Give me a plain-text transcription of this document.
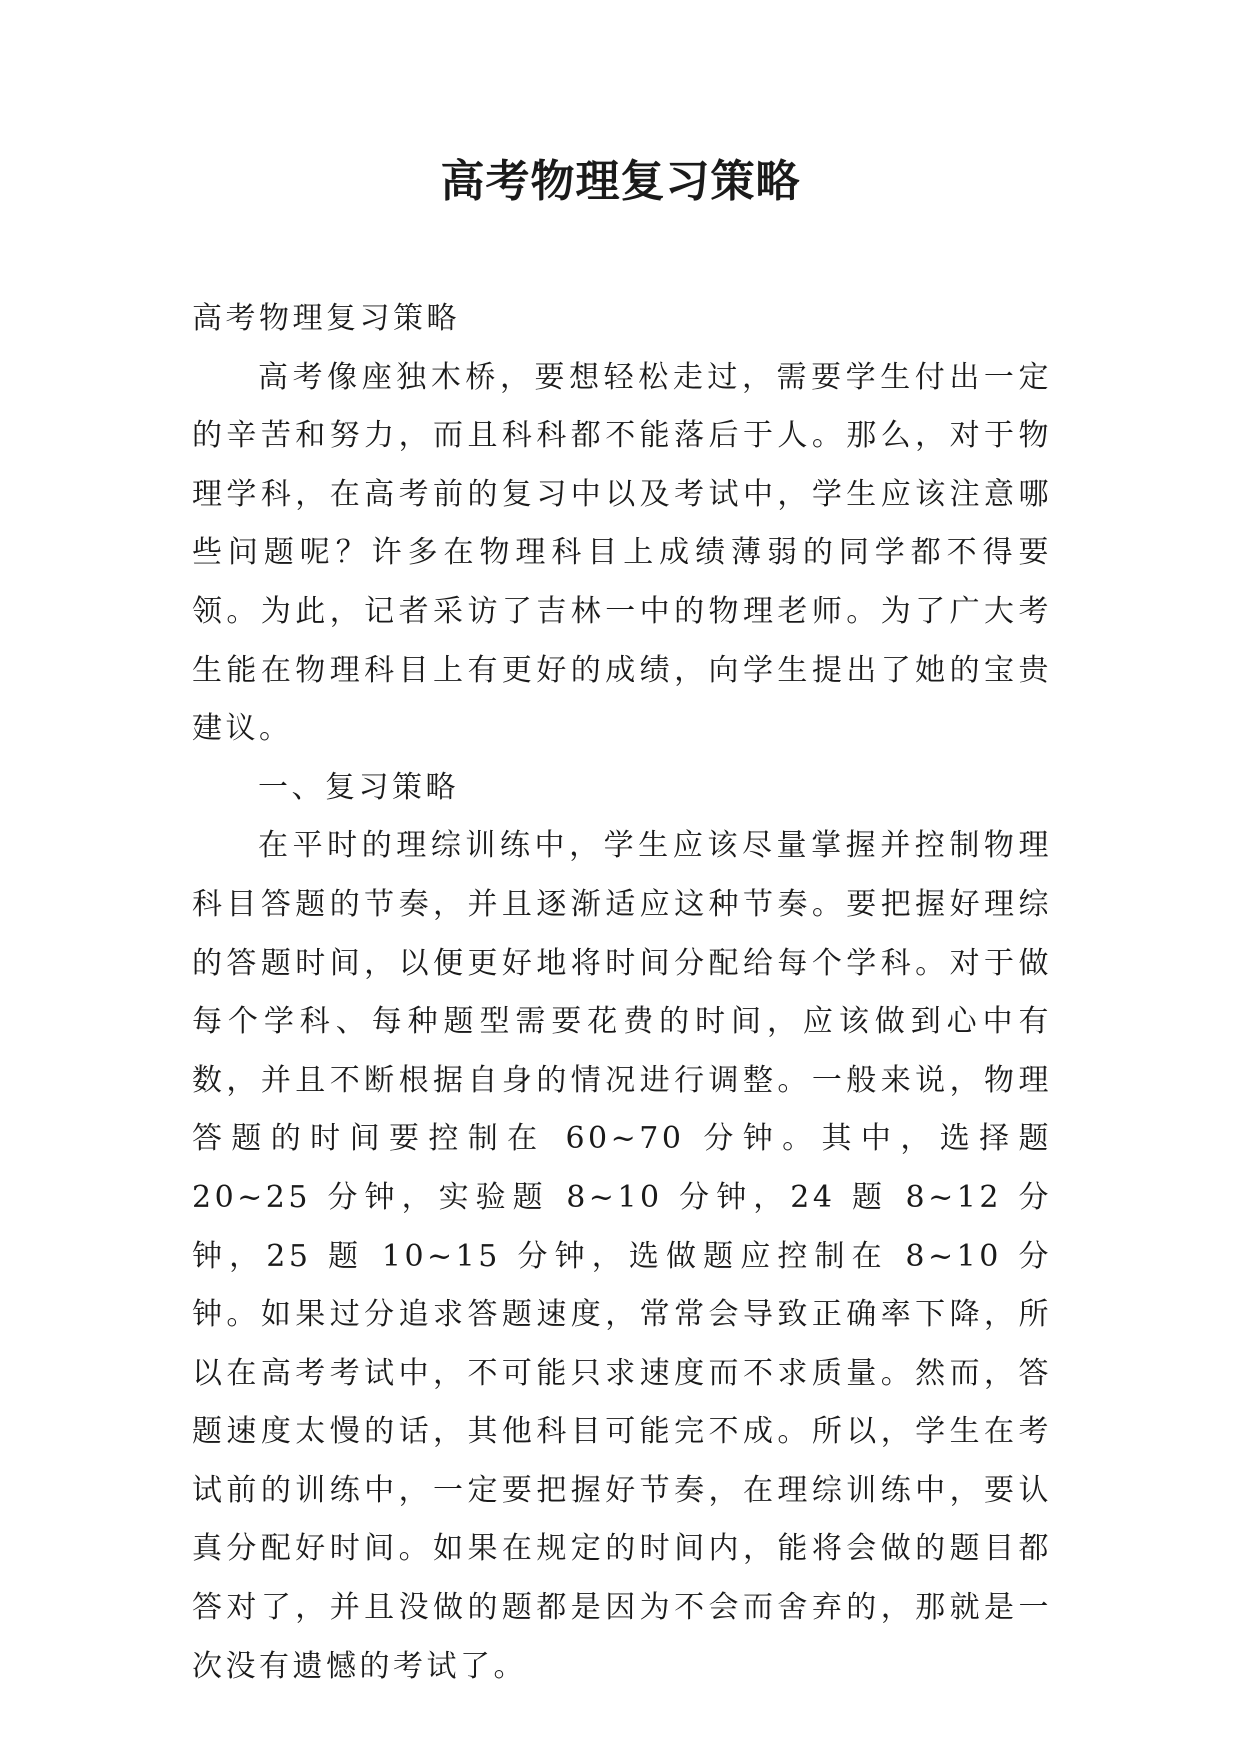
高考物理复习策略

高考物理复习策略

高考像座独木桥，要想轻松走过，需要学生付出一定的辛苦和努力，而且科科都不能落后于人。那么，对于物理学科，在高考前的复习中以及考试中，学生应该注意哪些问题呢？许多在物理科目上成绩薄弱的同学都不得要领。为此，记者采访了吉林一中的物理老师。为了广大考生能在物理科目上有更好的成绩，向学生提出了她的宝贵建议。

一、复习策略

在平时的理综训练中，学生应该尽量掌握并控制物理科目答题的节奏，并且逐渐适应这种节奏。要把握好理综的答题时间，以便更好地将时间分配给每个学科。对于做每个学科、每种题型需要花费的时间，应该做到心中有数，并且不断根据自身的情况进行调整。一般来说，物理答题的时间要控制在 60~70 分钟。其中，选择题 20~25 分钟，实验题 8~10 分钟，24 题 8~12 分钟，25 题 10~15 分钟，选做题应控制在 8~10 分钟。如果过分追求答题速度，常常会导致正确率下降，所以在高考考试中，不可能只求速度而不求质量。然而，答题速度太慢的话，其他科目可能完不成。所以，学生在考试前的训练中，一定要把握好节奏，在理综训练中，要认真分配好时间。如果在规定的时间内，能将会做的题目都答对了，并且没做的题都是因为不会而舍弃的，那就是一次没有遗憾的考试了。
